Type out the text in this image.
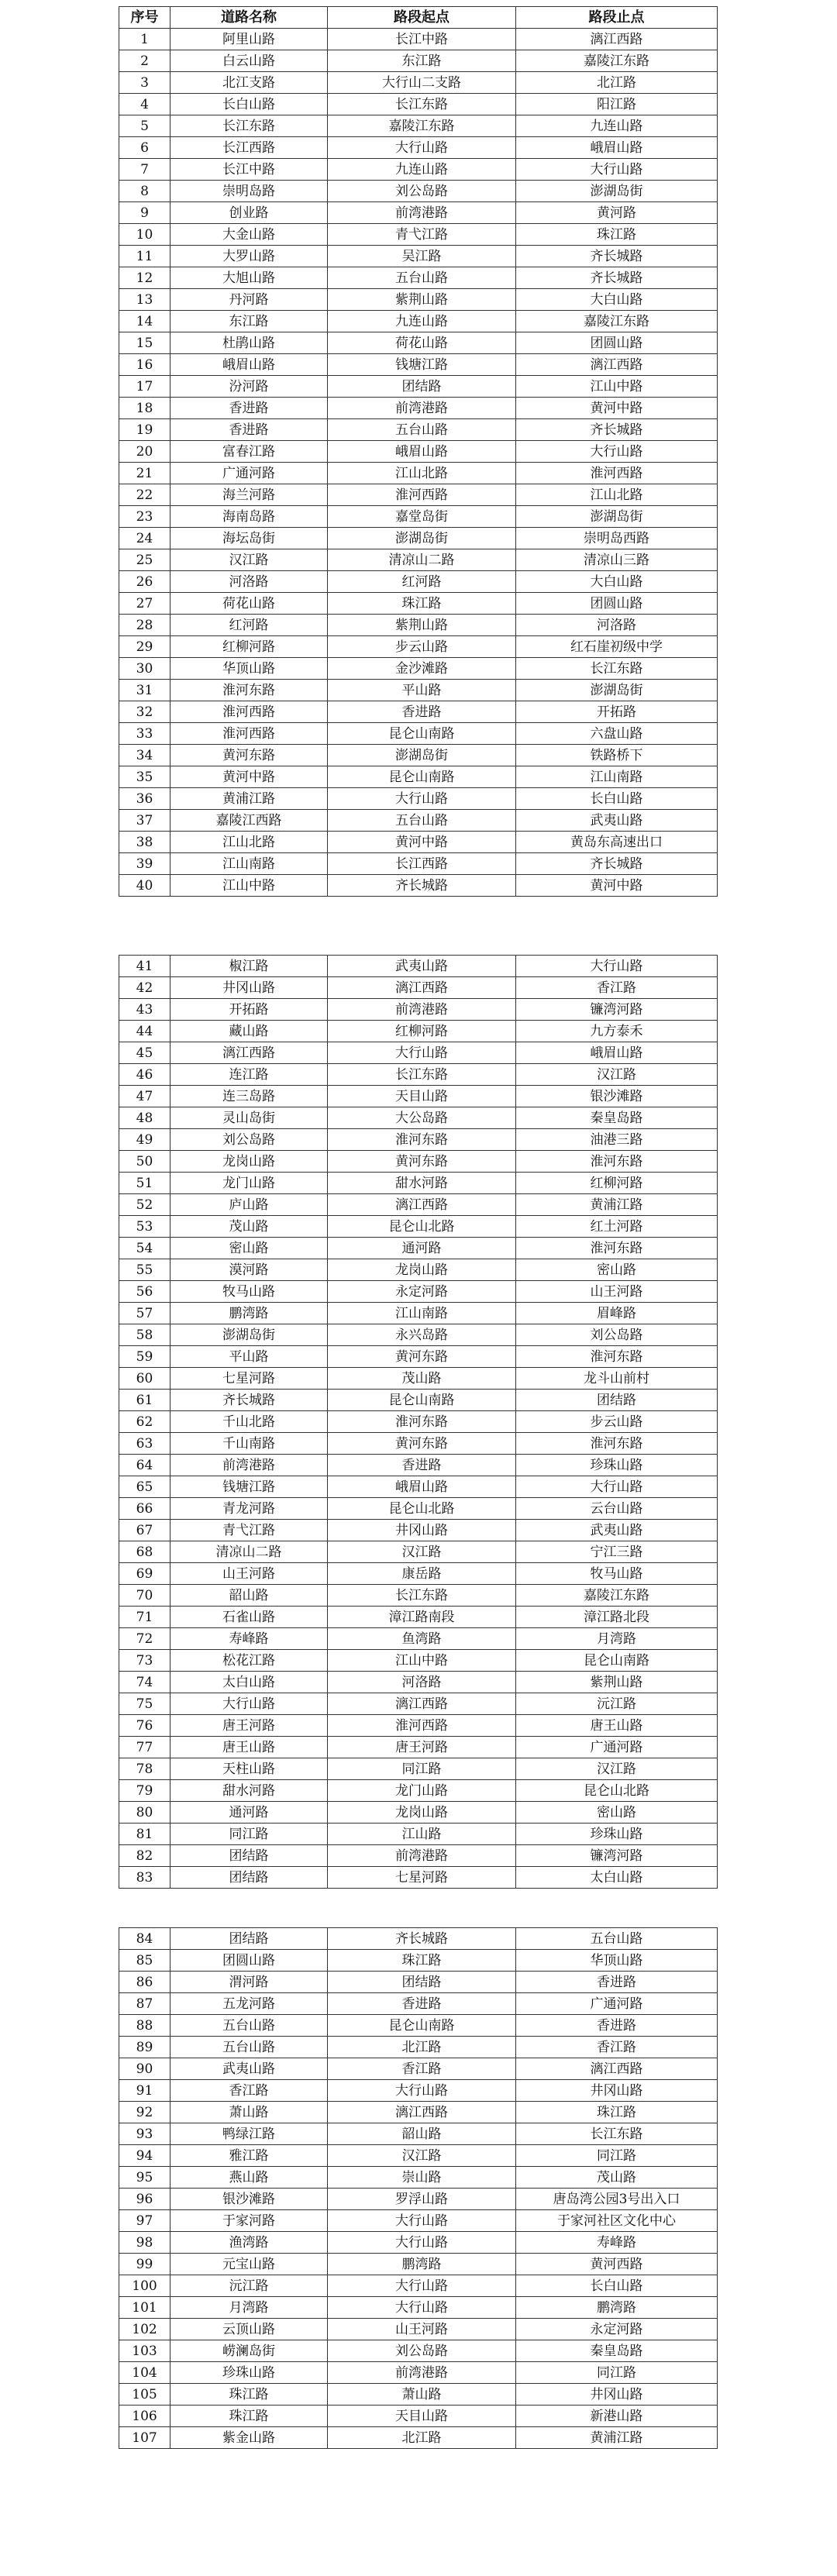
序号	道路名称	路段起点	路段止点
1	阿里山路	长江中路	漓江西路
2	白云山路	东江路	嘉陵江东路
3	北江支路	大行山二支路	北江路
4	长白山路	长江东路	阳江路
5	长江东路	嘉陵江东路	九连山路
6	长江西路	大行山路	峨眉山路
7	长江中路	九连山路	大行山路
8	崇明岛路	刘公岛路	澎湖岛街
9	创业路	前湾港路	黄河路
10	大金山路	青弋江路	珠江路
11	大罗山路	吴江路	齐长城路
12	大旭山路	五台山路	齐长城路
13	丹河路	紫荆山路	大白山路
14	东江路	九连山路	嘉陵江东路
15	杜鹃山路	荷花山路	团圆山路
16	峨眉山路	钱塘江路	漓江西路
17	汾河路	团结路	江山中路
18	香进路	前湾港路	黄河中路
19	香进路	五台山路	齐长城路
20	富春江路	峨眉山路	大行山路
21	广通河路	江山北路	淮河西路
22	海兰河路	淮河西路	江山北路
23	海南岛路	嘉堂岛街	澎湖岛街
24	海坛岛街	澎湖岛街	崇明岛西路
25	汉江路	清凉山二路	清凉山三路
26	河洛路	红河路	大白山路
27	荷花山路	珠江路	团圆山路
28	红河路	紫荆山路	河洛路
29	红柳河路	步云山路	红石崖初级中学
30	华顶山路	金沙滩路	长江东路
31	淮河东路	平山路	澎湖岛街
32	淮河西路	香进路	开拓路
33	淮河西路	昆仑山南路	六盘山路
34	黄河东路	澎湖岛街	铁路桥下
35	黄河中路	昆仑山南路	江山南路
36	黄浦江路	大行山路	长白山路
37	嘉陵江西路	五台山路	武夷山路
38	江山北路	黄河中路	黄岛东高速出口
39	江山南路	长江西路	齐长城路
40	江山中路	齐长城路	黄河中路
41	椒江路	武夷山路	大行山路
42	井冈山路	漓江西路	香江路
43	开拓路	前湾港路	镰湾河路
44	藏山路	红柳河路	九方泰禾
45	漓江西路	大行山路	峨眉山路
46	连江路	长江东路	汉江路
47	连三岛路	天目山路	银沙滩路
48	灵山岛街	大公岛路	秦皇岛路
49	刘公岛路	淮河东路	油港三路
50	龙岗山路	黄河东路	淮河东路
51	龙门山路	甜水河路	红柳河路
52	庐山路	漓江西路	黄浦江路
53	茂山路	昆仑山北路	红土河路
54	密山路	通河路	淮河东路
55	漠河路	龙岗山路	密山路
56	牧马山路	永定河路	山王河路
57	鹏湾路	江山南路	眉峰路
58	澎湖岛街	永兴岛路	刘公岛路
59	平山路	黄河东路	淮河东路
60	七星河路	茂山路	龙斗山前村
61	齐长城路	昆仑山南路	团结路
62	千山北路	淮河东路	步云山路
63	千山南路	黄河东路	淮河东路
64	前湾港路	香进路	珍珠山路
65	钱塘江路	峨眉山路	大行山路
66	青龙河路	昆仑山北路	云台山路
67	青弋江路	井冈山路	武夷山路
68	清凉山二路	汉江路	宁江三路
69	山王河路	康岳路	牧马山路
70	韶山路	长江东路	嘉陵江东路
71	石雀山路	漳江路南段	漳江路北段
72	寿峰路	鱼湾路	月湾路
73	松花江路	江山中路	昆仑山南路
74	太白山路	河洛路	紫荆山路
75	大行山路	漓江西路	沅江路
76	唐王河路	淮河西路	唐王山路
77	唐王山路	唐王河路	广通河路
78	天柱山路	同江路	汉江路
79	甜水河路	龙门山路	昆仑山北路
80	通河路	龙岗山路	密山路
81	同江路	江山路	珍珠山路
82	团结路	前湾港路	镰湾河路
83	团结路	七星河路	太白山路
84	团结路	齐长城路	五台山路
85	团圆山路	珠江路	华顶山路
86	渭河路	团结路	香进路
87	五龙河路	香进路	广通河路
88	五台山路	昆仑山南路	香进路
89	五台山路	北江路	香江路
90	武夷山路	香江路	漓江西路
91	香江路	大行山路	井冈山路
92	萧山路	漓江西路	珠江路
93	鸭绿江路	韶山路	长江东路
94	雅江路	汉江路	同江路
95	燕山路	崇山路	茂山路
96	银沙滩路	罗浮山路	唐岛湾公园3号出入口
97	于家河路	大行山路	于家河社区文化中心
98	渔湾路	大行山路	寿峰路
99	元宝山路	鹏湾路	黄河西路
100	沅江路	大行山路	长白山路
101	月湾路	大行山路	鹏湾路
102	云顶山路	山王河路	永定河路
103	崂澜岛街	刘公岛路	秦皇岛路
104	珍珠山路	前湾港路	同江路
105	珠江路	萧山路	井冈山路
106	珠江路	天目山路	新港山路
107	紫金山路	北江路	黄浦江路
